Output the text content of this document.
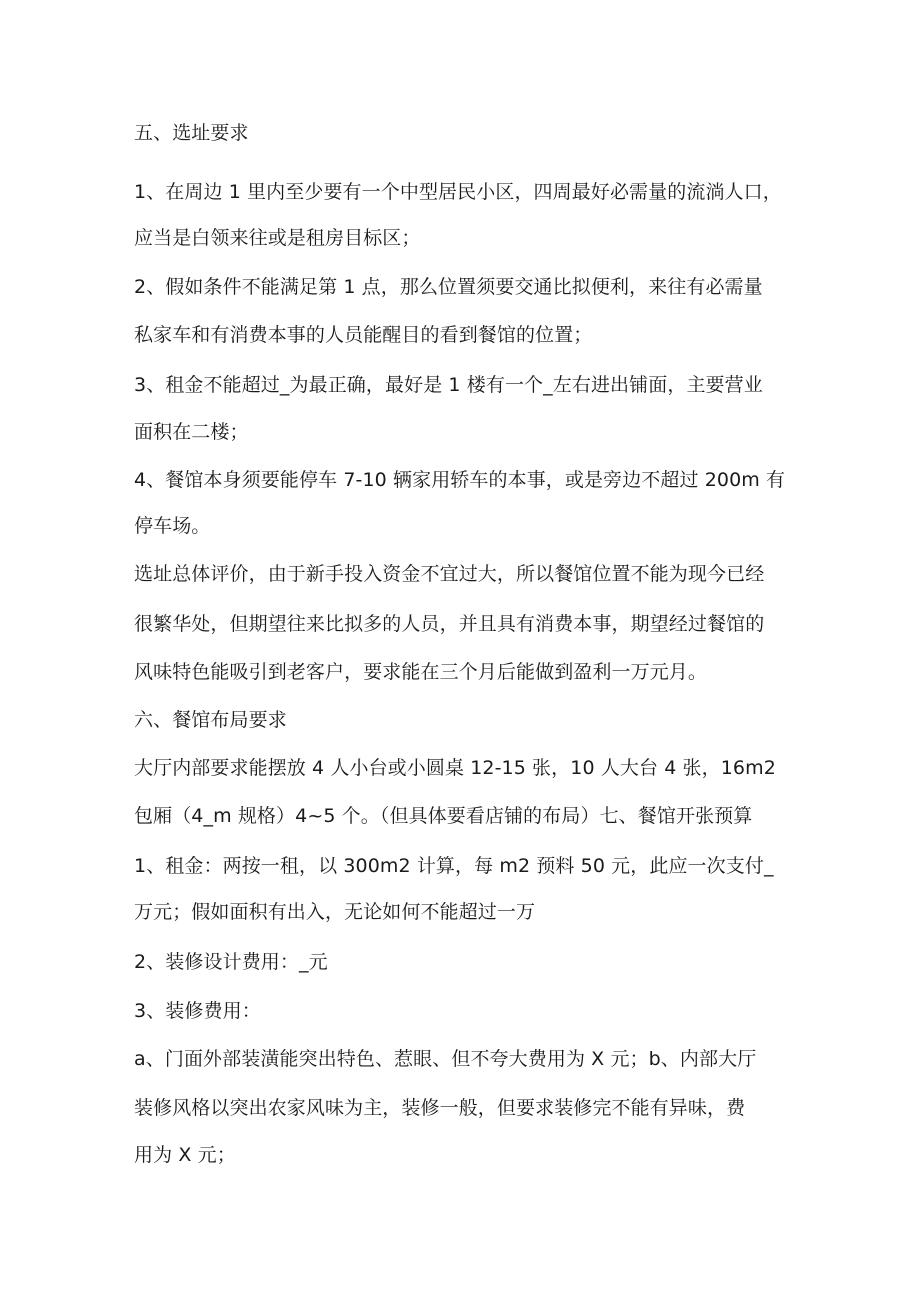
五、选址要求
1、在周边 1 里内至少要有一个中型居民小区，四周最好必需量的流淌人口，
应当是白领来往或是租房目标区；
2、假如条件不能满足第 1 点，那么位置须要交通比拟便利，来往有必需量
私家车和有消费本事的人员能醒目的看到餐馆的位置；
3、租金不能超过_为最正确，最好是 1 楼有一个_左右进出铺面，主要营业
面积在二楼；
4、餐馆本身须要能停车 7-10 辆家用轿车的本事，或是旁边不超过 200m 有
停车场。
选址总体评价，由于新手投入资金不宜过大，所以餐馆位置不能为现今已经
很繁华处，但期望往来比拟多的人员，并且具有消费本事，期望经过餐馆的
风味特色能吸引到老客户，要求能在三个月后能做到盈利一万元月。
六、餐馆布局要求
大厅内部要求能摆放 4 人小台或小圆桌 12-15 张，10 人大台 4 张，16m2
包厢（4_m 规格）4~5 个。（但具体要看店铺的布局）七、餐馆开张预算
1、租金：两按一租，以 300m2 计算，每 m2 预料 50 元，此应一次支付_
万元；假如面积有出入，无论如何不能超过一万
2、装修设计费用：_元
3、装修费用：
a、门面外部装潢能突出特色、惹眼、但不夸大费用为 X 元；b、内部大厅
装修风格以突出农家风味为主，装修一般，但要求装修完不能有异味，费
用为 X 元；
